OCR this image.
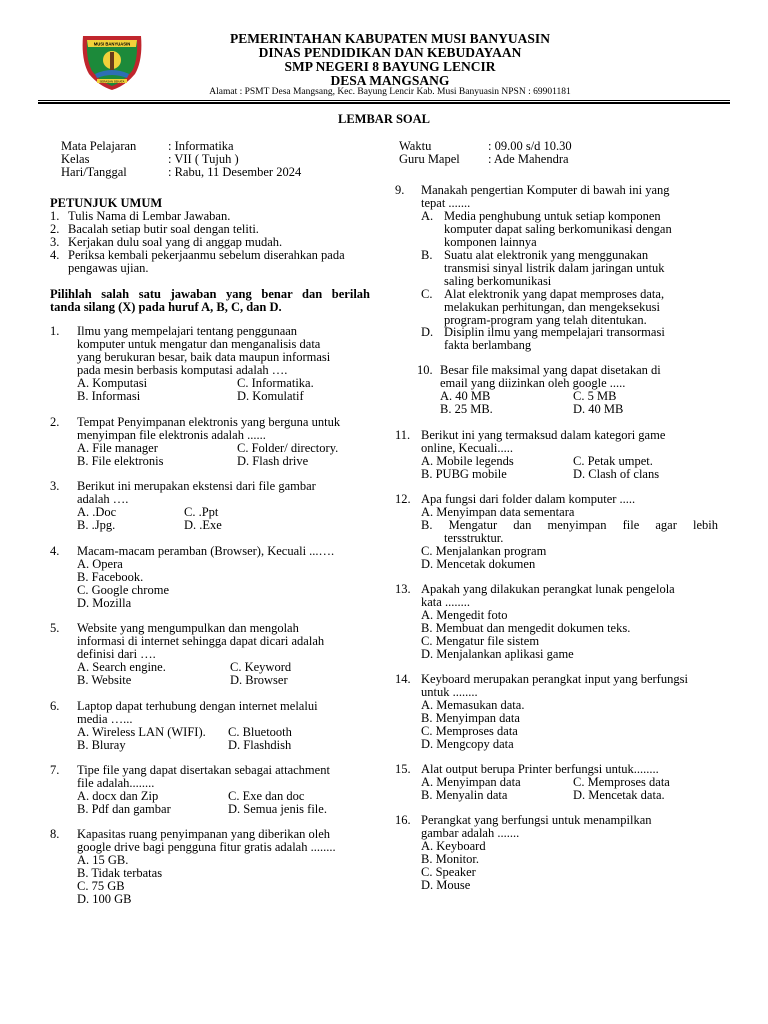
MUSI BANYUASIN
SERASAN SEKATA
PEMERINTAHAN KABUPATEN MUSI BANYUASIN
DINAS PENDIDIKAN DAN KEBUDAYAAN
SMP NEGERI 8 BAYUNG LENCIR
DESA MANGSANG
Alamat : PSMT Desa Mangsang, Kec. Bayung Lencir Kab. Musi Banyuasin NPSN : 69901181
LEMBAR SOAL
Mata Pelajaran	: Informatika
Kelas	: VII ( Tujuh )
Hari/Tanggal	: Rabu, 11 Desember 2024
Waktu	: 09.00 s/d 10.30
Guru Mapel : Ade Mahendra
PETUNJUK UMUM
1. Tulis Nama di Lembar Jawaban.
2. Bacalah setiap butir soal dengan teliti.
3. Kerjakan dulu soal yang di anggap mudah.
4. Periksa kembali pekerjaanmu sebelum diserahkan pada
pengawas ujian.
Pilihlah salah satu jawaban yang benar dan berilah
tanda silang (X) pada huruf A, B, C, dan D.
1. Ilmu yang mempelajari tentang penggunaan
komputer untuk mengatur dan menganalisis data
yang berukuran besar, baik data maupun informasi
pada mesin berbasis komputasi adalah ….
A. Komputasi
B. Informasi
C. Informatika.
D. Komulatif
2. Tempat Penyimpanan elektronis yang berguna untuk
menyimpan file elektronis adalah ......
A. File manager
B. File elektronis
C. Folder/ directory.
D. Flash drive
3. Berikut ini merupakan ekstensi dari file gambar
adalah ….
A. .Doc
B. .Jpg.
C. .Ppt
D. .Exe
4. Macam-macam peramban (Browser), Kecuali ...….
A. Opera
B. Facebook.
C. Google chrome
D. Mozilla
5. Website yang mengumpulkan dan mengolah
informasi di internet sehingga dapat dicari adalah
definisi dari ….
A. Search engine.
B. Website
C. Keyword
D. Browser
6. Laptop dapat terhubung dengan internet melalui
media …...
A. Wireless LAN (WIFI).
B. Bluray
C. Bluetooth
D. Flashdish
7. Tipe file yang dapat disertakan sebagai attachment
file adalah........
A. docx dan Zip
B. Pdf dan gambar
C. Exe dan doc
D. Semua jenis file.
8. Kapasitas ruang penyimpanan yang diberikan oleh
google drive bagi pengguna fitur gratis adalah ........
A. 15 GB.
B. Tidak terbatas
C. 75 GB
D. 100 GB
9. Manakah pengertian Komputer di bawah ini yang
tepat .......
A. Media penghubung untuk setiap komponen
komputer dapat saling berkomunikasi dengan
komponen lainnya
B. Suatu alat elektronik yang menggunakan
transmisi sinyal listrik dalam jaringan untuk
saling berkomunikasi
C. Alat elektronik yang dapat memproses data,
melakukan perhitungan, dan mengeksekusi
program-program yang telah ditentukan.
D. Disiplin ilmu yang mempelajari transormasi
fakta berlambang
10. Besar file maksimal yang dapat disetakan di
email yang diizinkan oleh google .....
A. 40 MB
B. 25 MB.
C. 5 MB
D. 40 MB
11. Berikut ini yang termaksud dalam kategori game
online, Kecuali.....
A. Mobile legends
B. PUBG mobile
C. Petak umpet.
D. Clash of clans
12. Apa fungsi dari folder dalam komputer .....
A. Menyimpan data sementara
B.  Mengatur  dan  menyimpan  file  agar  lebih
tersstruktur.
C. Menjalankan program
D. Mencetak dokumen
13. Apakah yang dilakukan perangkat lunak pengelola
kata ........
A. Mengedit foto
B. Membuat dan mengedit dokumen teks.
C. Mengatur file sistem
D. Menjalankan aplikasi game
14. Keyboard merupakan perangkat input yang berfungsi
untuk ........
A. Memasukan data.
B. Menyimpan data
C. Memproses data
D. Mengcopy data
15. Alat output berupa Printer berfungsi untuk........
A. Menyimpan data
B. Menyalin data
C. Memproses data
D. Mencetak data.
16. Perangkat yang berfungsi untuk menampilkan
gambar adalah .......
A. Keyboard
B. Monitor.
C. Speaker
D. Mouse
